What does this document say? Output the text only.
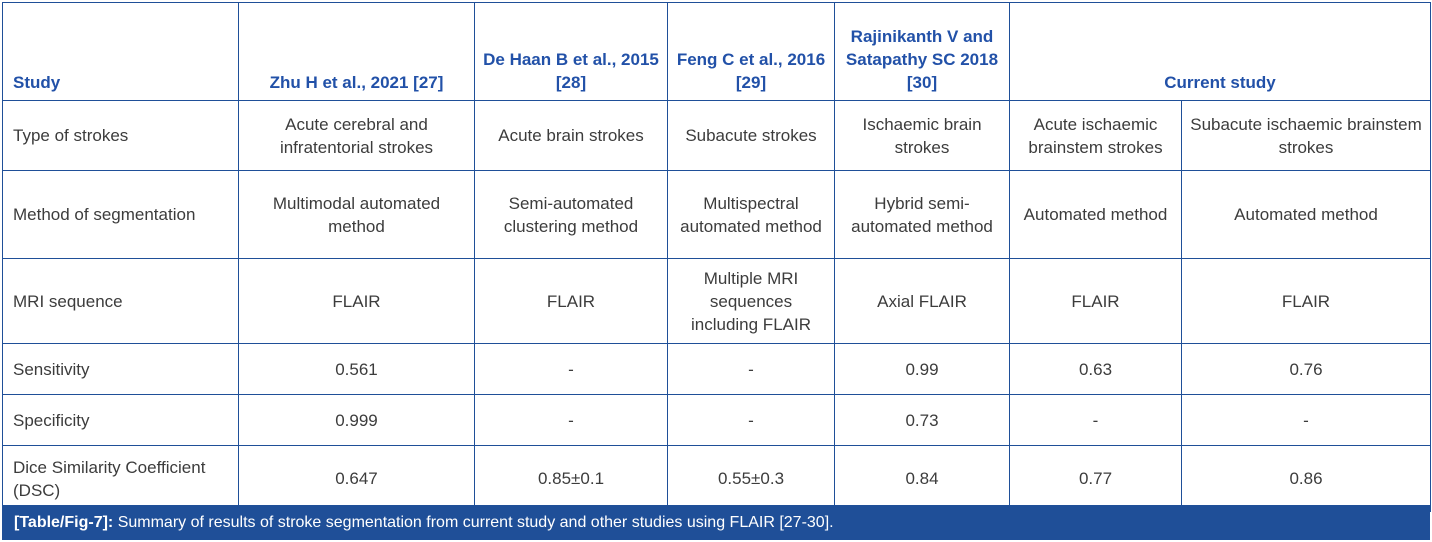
Study	Zhu H et al., 2021 [27]	De Haan B et al., 2015 [28]	Feng C et al., 2016 [29]	Rajinikanth V and Satapathy SC 2018 [30]	Current study	
Type of strokes	Acute cerebral and infratentorial strokes	Acute brain strokes	Subacute strokes	Ischaemic brain strokes	Acute ischaemic brainstem strokes	Subacute ischaemic brainstem strokes
Method of segmentation	Multimodal automated method	Semi-automated clustering method	Multispectral automated method	Hybrid semi-automated method	Automated method	Automated method
MRI sequence	FLAIR	FLAIR	Multiple MRI sequences including FLAIR	Axial FLAIR	FLAIR	FLAIR
Sensitivity	0.561	-	-	0.99	0.63	0.76
Specificity	0.999	-	-	0.73	-	-
Dice Similarity Coefficient (DSC)	0.647	0.85±0.1	0.55±0.3	0.84	0.77	0.86
[Table/Fig-7]: Summary of results of stroke segmentation from current study and other studies using FLAIR [27-30].
